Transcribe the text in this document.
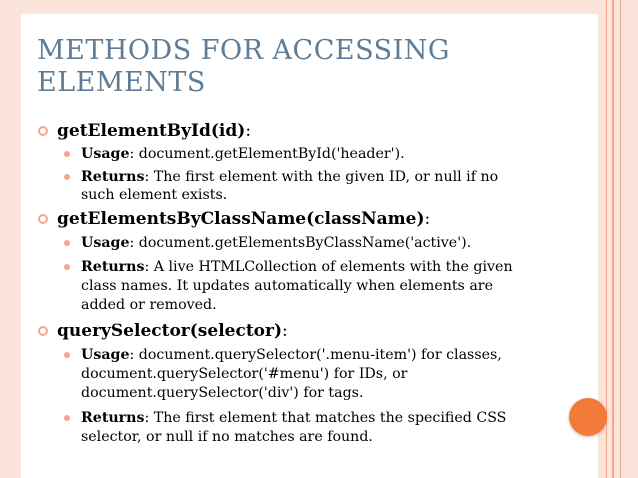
METHODS FOR ACCESSING
ELEMENTS
getElementById(id):
Usage: document.getElementById('header').
Returns: The first element with the given ID, or null if no
such element exists.
getElementsByClassName(className):
Usage: document.getElementsByClassName('active').
Returns: A live HTMLCollection of elements with the given
class names. It updates automatically when elements are
added or removed.
querySelector(selector):
Usage: document.querySelector('.menu-item') for classes,
document.querySelector('#menu') for IDs, or
document.querySelector('div') for tags.
Returns: The first element that matches the specified CSS
selector, or null if no matches are found.
